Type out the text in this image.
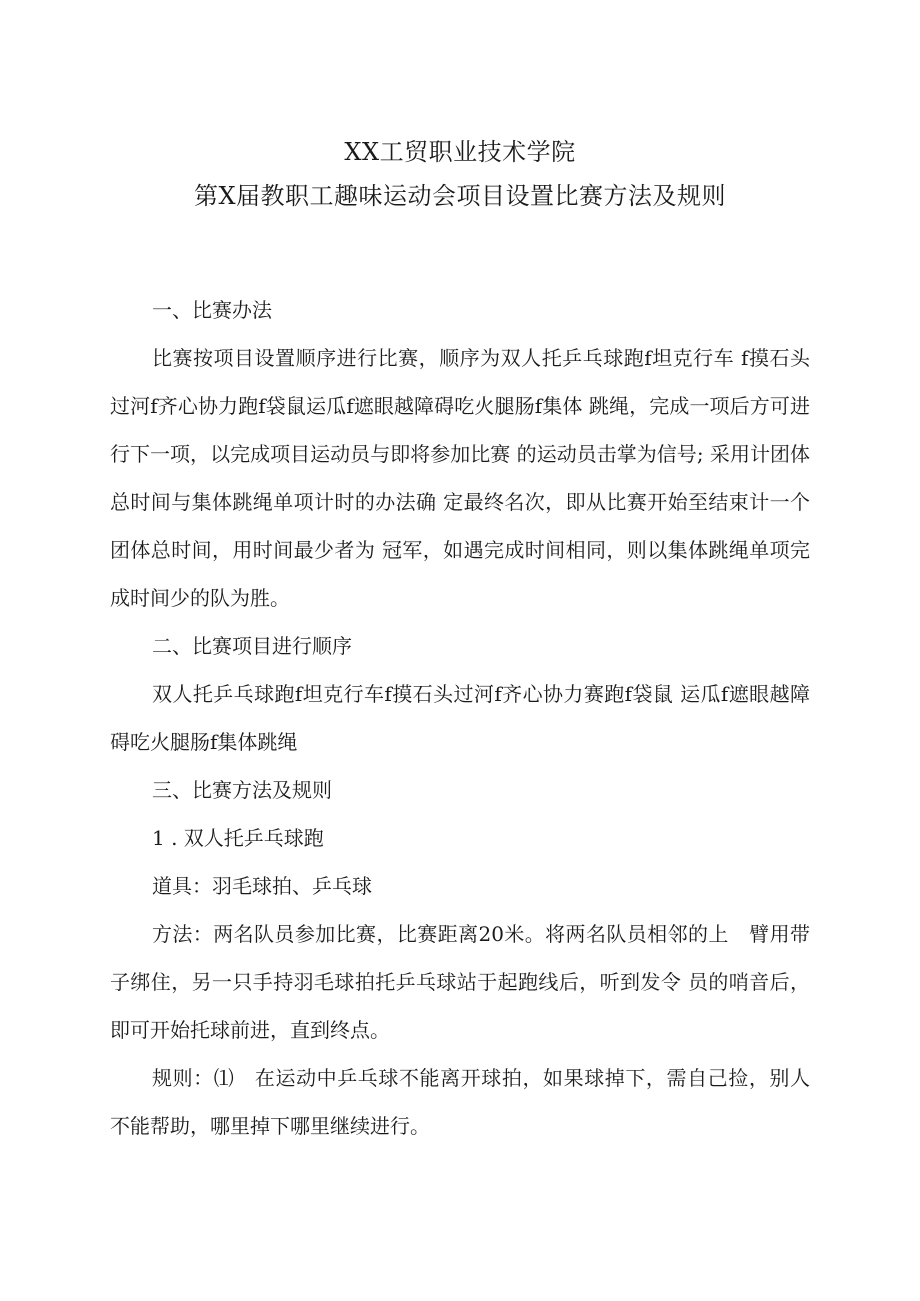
XX工贸职业技术学院
第X届教职工趣味运动会项目设置比赛方法及规则

一、比赛办法

比赛按项目设置顺序进行比赛，顺序为双人托乒乓球跑f坦克行车 f摸石头过河f齐心协力跑f袋鼠运瓜f遮眼越障碍吃火腿肠f集体 跳绳，完成一项后方可进行下一项，以完成项目运动员与即将参加比赛 的运动员击掌为信号; 采用计团体总时间与集体跳绳单项计时的办法确 定最终名次，即从比赛开始至结束计一个团体总时间，用时间最少者为 冠军，如遇完成时间相同，则以集体跳绳单项完成时间少的队为胜。

二、比赛项目进行顺序

双人托乒乓球跑f坦克行车f摸石头过河f齐心协力赛跑f袋鼠 运瓜f遮眼越障碍吃火腿肠f集体跳绳

三、比赛方法及规则

1 . 双人托乒乓球跑

道具：羽毛球拍、乒乓球

方法：两名队员参加比赛，比赛距离20米。将两名队员相邻的上　臂用带子绑住，另一只手持羽毛球拍托乒乓球站于起跑线后，听到发令 员的哨音后，即可开始托球前进，直到终点。

规则：⑴　在运动中乒乓球不能离开球拍，如果球掉下，需自己捡，别人不能帮助，哪里掉下哪里继续进行。
